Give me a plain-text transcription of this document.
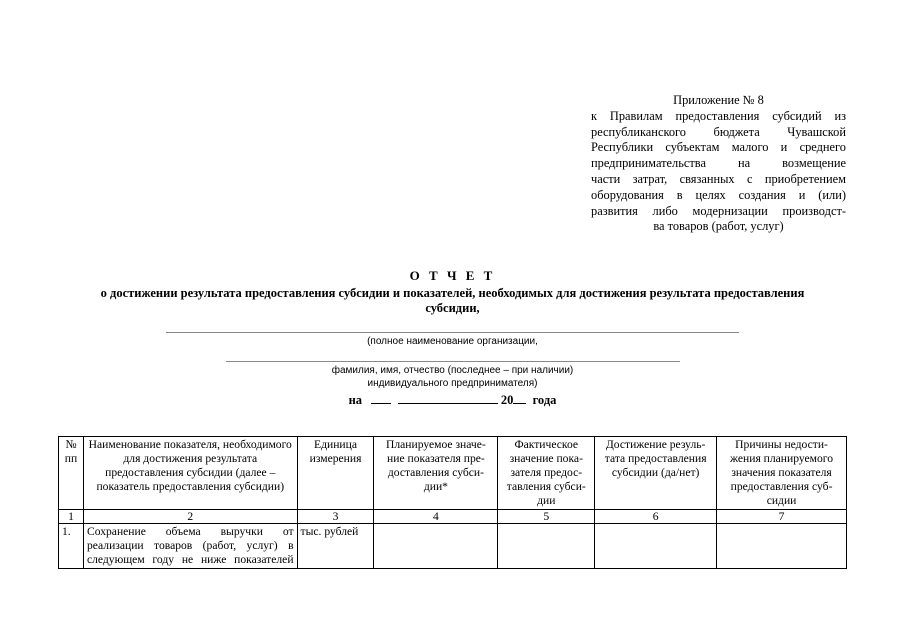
Приложение № 8
к Правилам предоставления субсидий из
республиканского бюджета Чувашской
Республики субъектам малого и среднего
предпринимательства на возмещение
части затрат, связанных с приобретением
оборудования в целях создания и (или)
развития либо модернизации производст-
ва товаров (работ, услуг)
О Т Ч Е Т
о достижении результата предоставления субсидии и показателей, необходимых для достижения результата предоставления субсидии,
(полное наименование организации,
фамилия, имя, отчество (последнее – при наличии)
индивидуального предпринимателя)
на	20 года
№ пп	Наименование показателя, необходимого для достижения результата предоставления субсидии (далее – показатель предоставления субсидии)	Единица измерения	Планируемое значе-ние показателя пре-доставления субси-дии*	Фактическое значение пока-зателя предос-тавления субси-дии	Достижение резуль-тата предоставления субсидии (да/нет)	Причины недости-жения планируемого значения показателя предоставления суб-сидии
1	2	3	4	5	6	7
1.	Сохранение объема выручки от реализации товаров (работ, услуг) в следующем году не ниже показателей	тыс. рублей				
